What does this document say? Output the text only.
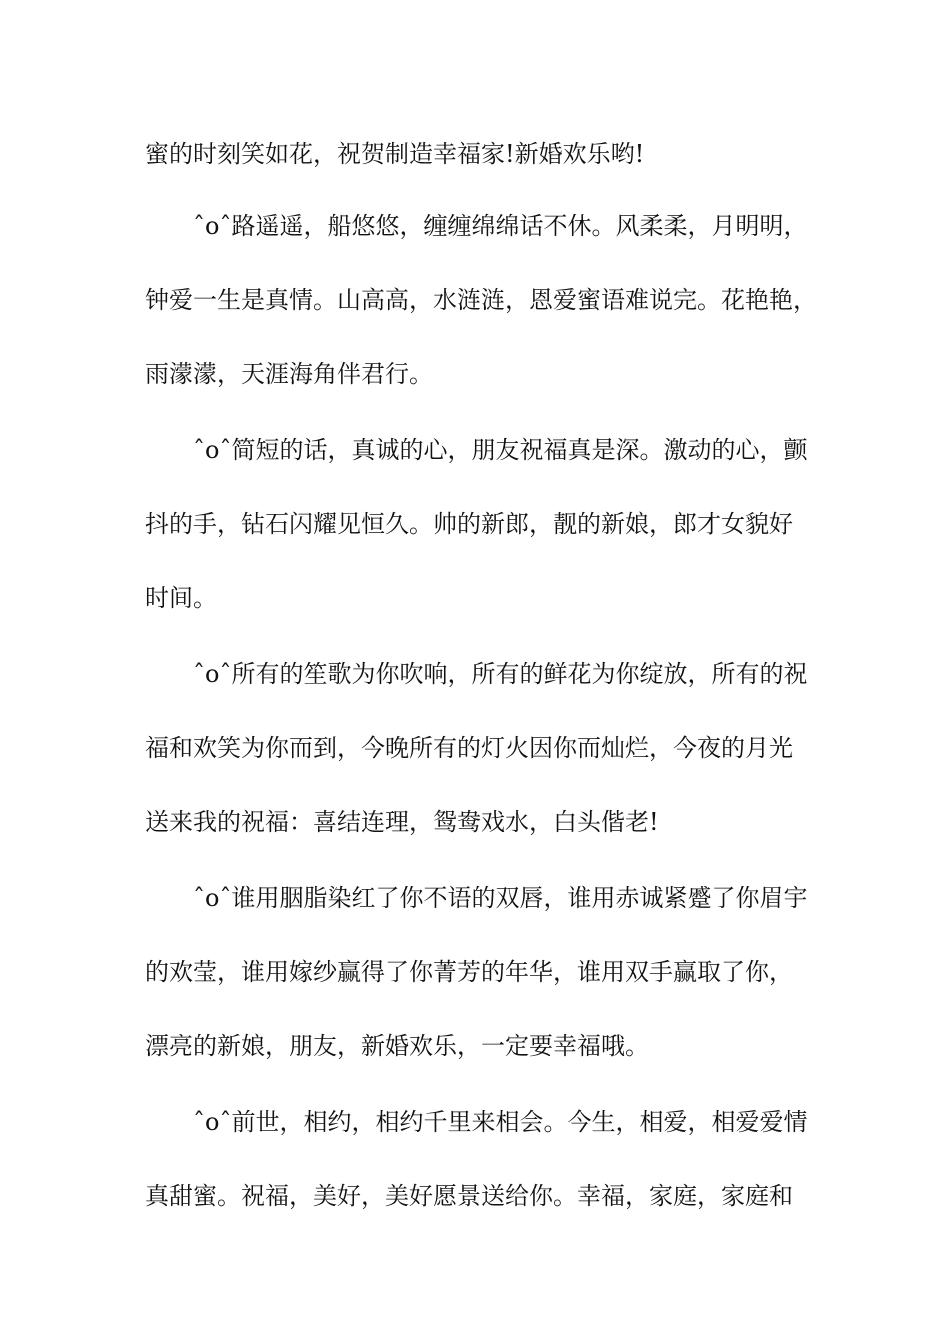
蜜的时刻笑如花，祝贺制造幸福家!新婚欢乐哟!

ˆoˆ路遥遥，船悠悠，缠缠绵绵话不休。风柔柔，月明明，

钟爱一生是真情。山高高，水涟涟，恩爱蜜语难说完。花艳艳，

雨濛濛，天涯海角伴君行。

ˆoˆ简短的话，真诚的心，朋友祝福真是深。激动的心，颤

抖的手，钻石闪耀见恒久。帅的新郎，靓的新娘，郎才女貌好

时间。

ˆoˆ所有的笙歌为你吹响，所有的鲜花为你绽放，所有的祝

福和欢笑为你而到，今晚所有的灯火因你而灿烂，今夜的月光

送来我的祝福：喜结连理，鸳鸯戏水，白头偕老!

ˆoˆ谁用胭脂染红了你不语的双唇，谁用赤诚紧蹙了你眉宇

的欢莹，谁用嫁纱赢得了你菁芳的年华，谁用双手赢取了你，

漂亮的新娘，朋友，新婚欢乐，一定要幸福哦。

ˆoˆ前世，相约，相约千里来相会。今生，相爱，相爱爱情

真甜蜜。祝福，美好，美好愿景送给你。幸福，家庭，家庭和
